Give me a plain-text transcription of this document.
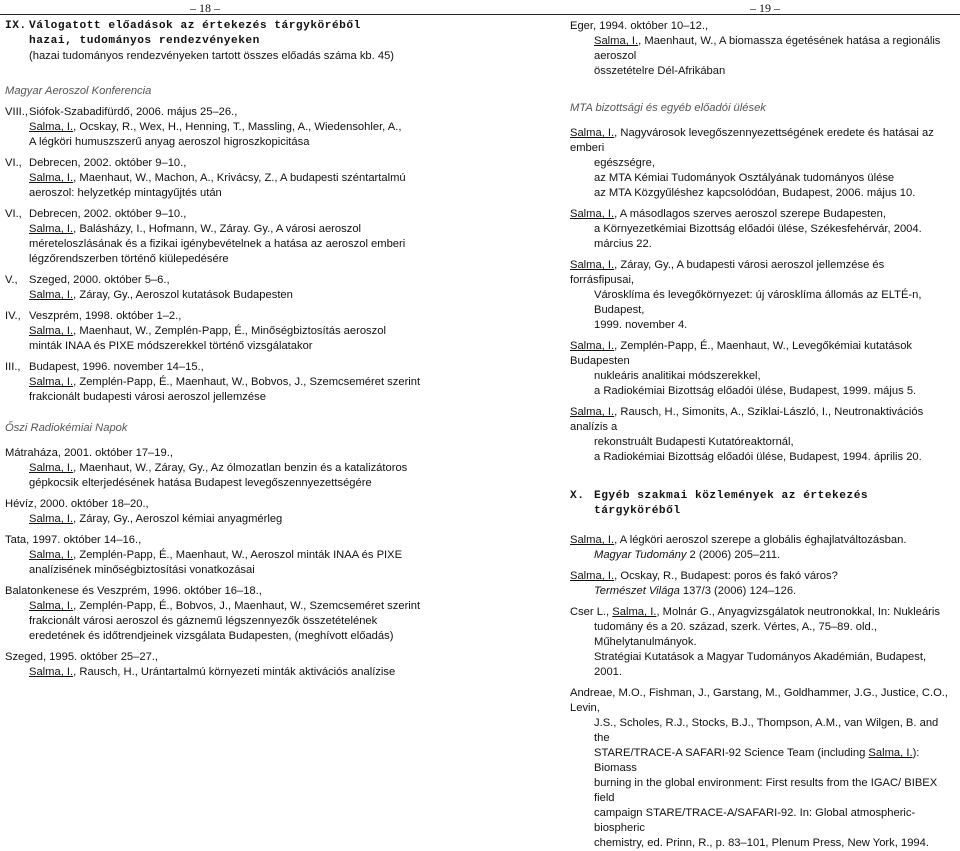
– 18 –
IX. Válogatott előadások az értekezés tárgyköréből
hazai, tudományos rendezvényeken
(hazai tudományos rendezvényeken tartott összes előadás száma kb. 45)
Magyar Aeroszol Konferencia
VIII., Siófok-Szabadifürdő, 2006. május 25–26.,
Salma, I., Ocskay, R., Wex, H., Henning, T., Massling, A., Wiedensohler, A.,
A légköri humuszszerű anyag aeroszol higroszkopicitása
VI., Debrecen, 2002. október 9–10.,
Salma, I., Maenhaut, W., Machon, A., Krivácsy, Z., A budapesti széntartalmú
aeroszol: helyzetkép mintagyűjtés után
VI., Debrecen, 2002. október 9–10.,
Salma, I., Balásházy, I., Hofmann, W., Záray. Gy., A városi aeroszol
méreteloszlásának és a fizikai igénybevételnek a hatása az aeroszol emberi
légzőrendszerben történő kiülepedésére
V.,	Szeged, 2000. október 5–6.,
Salma, I., Záray, Gy., Aeroszol kutatások Budapesten
IV., Veszprém, 1998. október 1–2.,
Salma, I., Maenhaut, W., Zemplén-Papp, É., Minőségbiztosítás aeroszol
minták INAA és PIXE módszerekkel történő vizsgálatakor
III., Budapest, 1996. november 14–15.,
Salma, I., Zemplén-Papp, É., Maenhaut, W., Bobvos, J., Szemcseméret szerint
frakcionált budapesti városi aeroszol jellemzése
Őszi Radiokémiai Napok
Mátraháza, 2001. október 17–19.,
Salma, I., Maenhaut, W., Záray, Gy., Az ólmozatlan benzin és a katalizátoros
gépkocsik elterjedésének hatása Budapest levegőszennyezettségére
Hévíz, 2000. október 18–20.,
Salma, I., Záray, Gy., Aeroszol kémiai anyagmérleg
Tata, 1997. október 14–16.,
Salma, I., Zemplén-Papp, É., Maenhaut, W., Aeroszol minták INAA és PIXE
analízisének minőségbiztosítási vonatkozásai
Balatonkenese és Veszprém, 1996. október 16–18.,
Salma, I., Zemplén-Papp, É., Bobvos, J., Maenhaut, W., Szemcseméret szerint
frakcionált városi aeroszol és gáznemű légszennyezők összetételének
eredetének és időtrendjeinek vizsgálata Budapesten, (meghívott előadás)
Szeged, 1995. október 25–27.,
Salma, I., Rausch, H., Urántartalmú környezeti minták aktivációs analízise
– 19 –
Eger, 1994. október 10–12.,
Salma, I., Maenhaut, W., A biomassza égetésének hatása a regionális aeroszol
összetételre Dél-Afrikában
MTA bizottsági és egyéb előadói ülések
Salma, I., Nagyvárosok levegőszennyezettségének eredete és hatásai az emberi
egészségre,
az MTA Kémiai Tudományok Osztályának tudományos ülése
az MTA Közgyűléshez kapcsolódóan, Budapest, 2006. május 10.
Salma, I., A másodlagos szerves aeroszol szerepe Budapesten,
a Környezetkémiai Bizottság előadói ülése, Székesfehérvár, 2004. március 22.
Salma, I., Záray, Gy., A budapesti városi aeroszol jellemzése és forrásfipusai,
Városklíma és levegőkörnyezet: új városklíma állomás az ELTÉ-n, Budapest,
1999. november 4.
Salma, I., Zemplén-Papp, É., Maenhaut, W., Levegőkémiai kutatások Budapesten
nukleáris analitikai módszerekkel,
a Radiokémiai Bizottság előadói ülése, Budapest, 1999. május 5.
Salma, I., Rausch, H., Simonits, A., Sziklai-László, I., Neutronaktivációs analízis a
rekonstruált Budapesti Kutatóreaktornál,
a Radiokémiai Bizottság előadói ülése, Budapest, 1994. április 20.
X. Egyéb szakmai közlemények az értekezés tárgyköréből
Salma, I., A légköri aeroszol szerepe a globális éghajlatváltozásban.
Magyar Tudomány 2 (2006) 205–211.
Salma, I., Ocskay, R., Budapest: poros és fakó város?
Természet Világa 137/3 (2006) 124–126.
Cser L., Salma, I., Molnár G., Anyagvizsgálatok neutronokkal, In: Nukleáris
tudomány és a 20. század, szerk. Vértes, A., 75–89. old., Műhelytanulmányok.
Stratégiai Kutatások a Magyar Tudományos Akadémián, Budapest, 2001.
Andreae, M.O., Fishman, J., Garstang, M., Goldhammer, J.G., Justice, C.O., Levin,
J.S., Scholes, R.J., Stocks, B.J., Thompson, A.M., van Wilgen, B. and the
STARE/TRACE-A SAFARI-92 Science Team (including Salma, I.): Biomass
burning in the global environment: First results from the IGAC/ BIBEX field
campaign STARE/TRACE-A/SAFARI-92. In: Global atmospheric-biospheric
chemistry, ed. Prinn, R., p. 83–101, Plenum Press, New York, 1994.
